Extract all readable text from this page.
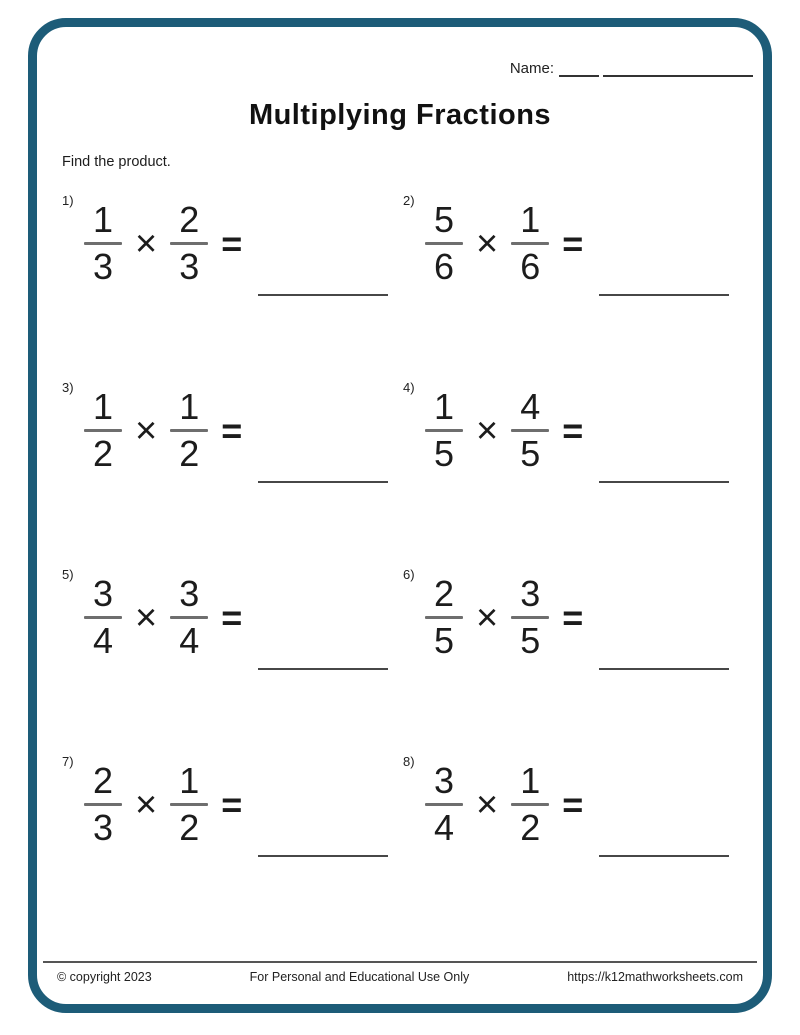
Name:
Multiplying Fractions
Find the product.
1)
$\frac{1}{3} \times \frac{2}{3}$ =
2)
$\frac{5}{6} \times \frac{1}{6}$ =
3)
$\frac{1}{2} \times \frac{1}{2}$ =
4)
$\frac{1}{5} \times \frac{4}{5}$ =
5)
$\frac{3}{4} \times \frac{3}{4}$ =
6)
$\frac{2}{5} \times \frac{3}{5}$ =
7)
$\frac{2}{3} \times \frac{1}{2}$ =
8)
$\frac{3}{4} \times \frac{1}{2}$ =
© copyright 2023	For Personal and Educational Use Only	https://k12mathworksheets.com
